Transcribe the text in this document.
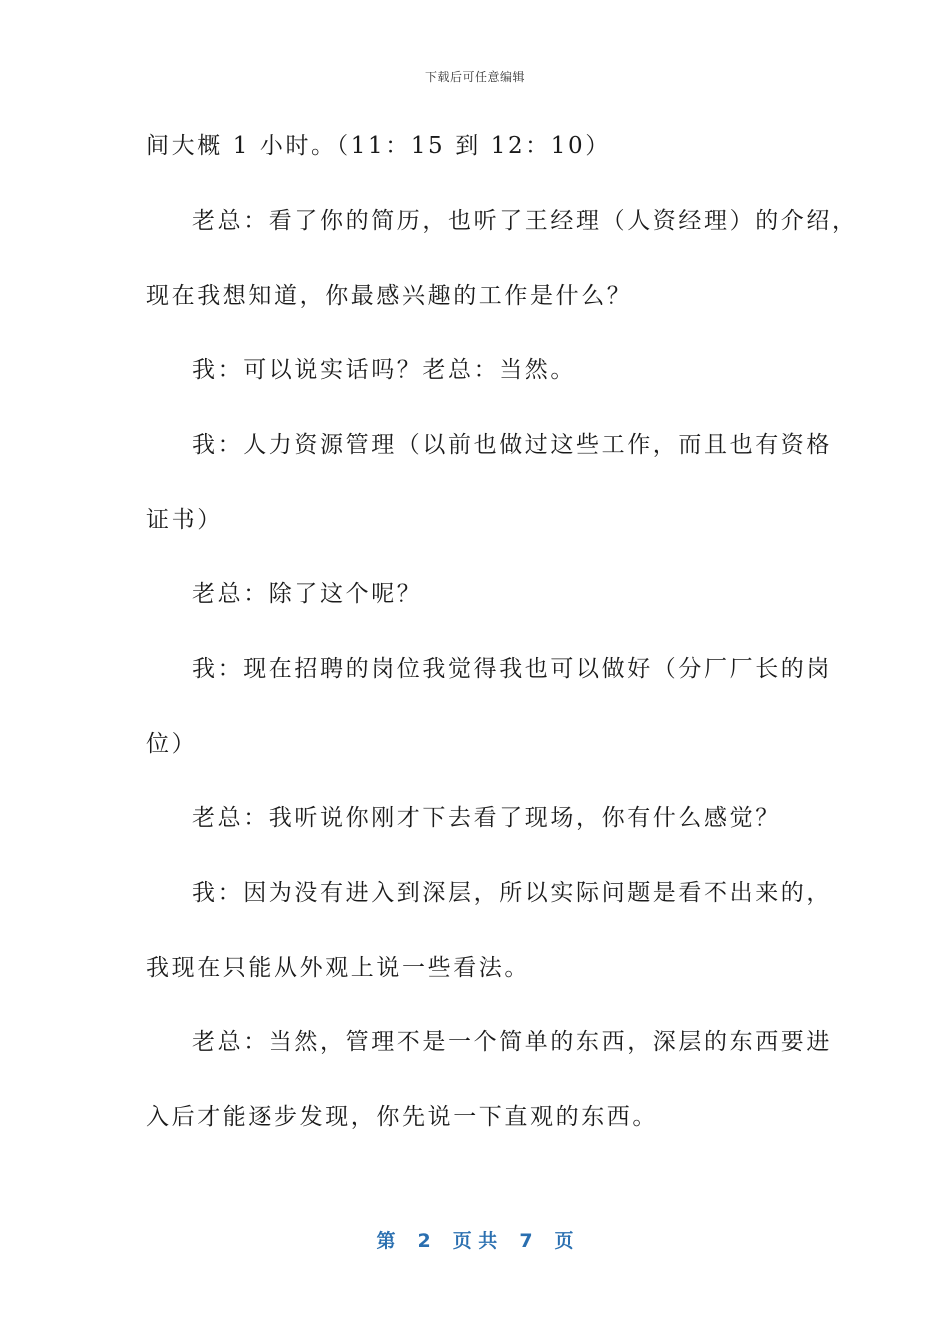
下载后可任意编辑
间大概 1 小时。（11：15 到 12：10）
老总：看了你的简历，也听了王经理（人资经理）的介绍，
现在我想知道，你最感兴趣的工作是什么？
我：可以说实话吗？老总：当然。
我：人力资源管理（以前也做过这些工作，而且也有资格
证书）
老总：除了这个呢？
我：现在招聘的岗位我觉得我也可以做好（分厂厂长的岗
位）
老总：我听说你刚才下去看了现场，你有什么感觉？
我：因为没有进入到深层，所以实际问题是看不出来的，
我现在只能从外观上说一些看法。
老总：当然，管理不是一个简单的东西，深层的东西要进
入后才能逐步发现，你先说一下直观的东西。
第 2 页 共 7 页
